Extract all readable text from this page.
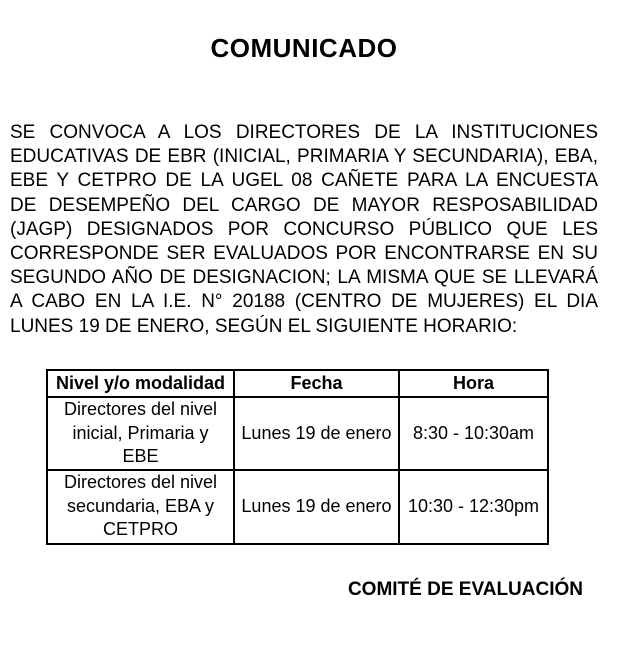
COMUNICADO
SE CONVOCA A LOS DIRECTORES DE LA INSTITUCIONES
EDUCATIVAS DE EBR (INICIAL, PRIMARIA Y SECUNDARIA), EBA,
EBE Y CETPRO DE LA UGEL 08 CAÑETE PARA LA ENCUESTA
DE DESEMPEÑO DEL CARGO DE MAYOR RESPOSABILIDAD
(JAGP) DESIGNADOS POR CONCURSO PÚBLICO QUE LES
CORRESPONDE SER EVALUADOS POR ENCONTRARSE EN SU
SEGUNDO AÑO DE DESIGNACION; LA MISMA QUE SE LLEVARÁ
A CABO EN LA I.E. N° 20188 (CENTRO DE MUJERES) EL DIA
LUNES 19 DE ENERO, SEGÚN EL SIGUIENTE HORARIO:
Nivel y/o modalidad	Fecha	Hora

Directores del nivel
inicial, Primaria y
EBE	Lunes 19 de enero	8:30 - 10:30am

Directores del nivel
secundaria, EBA y
CETPRO	Lunes 19 de enero	10:30 - 12:30pm
COMITÉ DE EVALUACIÓN
